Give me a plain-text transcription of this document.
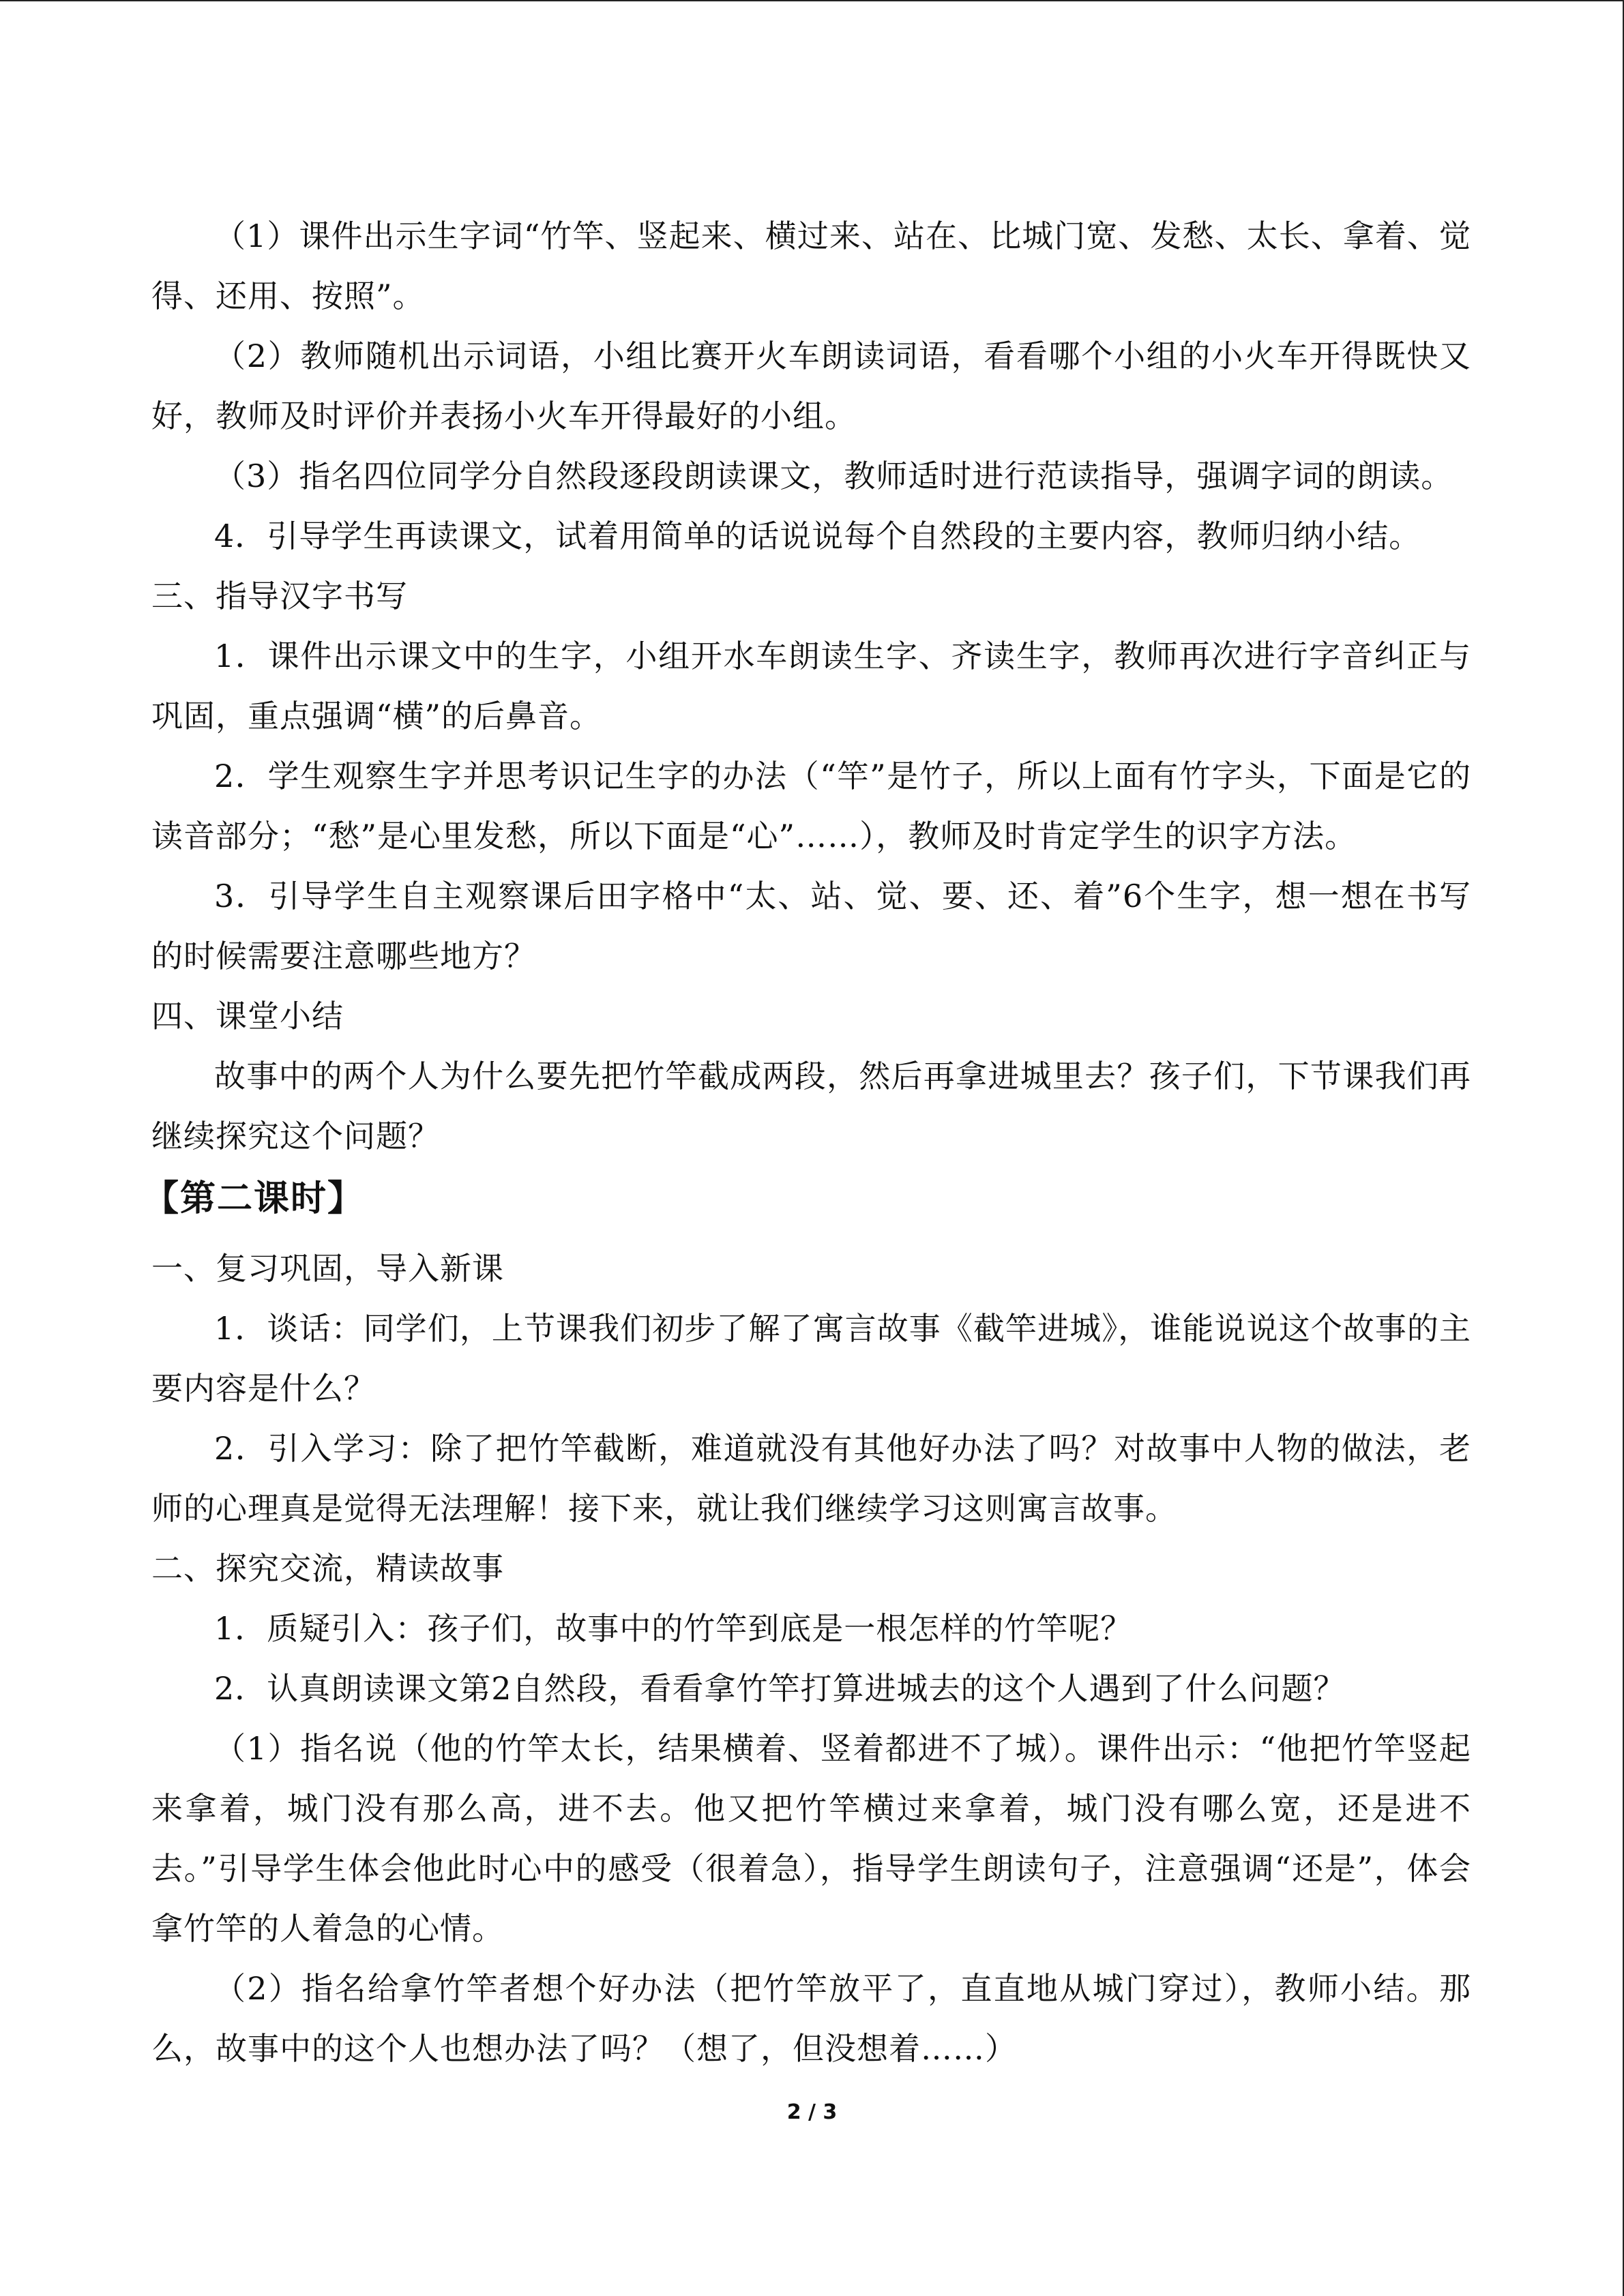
（1）课件出示生字词“竹竿、竖起来、横过来、站在、比城门宽、发愁、太长、拿着、觉得、还用、按照”。

（2）教师随机出示词语，小组比赛开火车朗读词语，看看哪个小组的小火车开得既快又好，教师及时评价并表扬小火车开得最好的小组。

（3）指名四位同学分自然段逐段朗读课文，教师适时进行范读指导，强调字词的朗读。

4．引导学生再读课文，试着用简单的话说说每个自然段的主要内容，教师归纳小结。

三、指导汉字书写

1．课件出示课文中的生字，小组开水车朗读生字、齐读生字，教师再次进行字音纠正与巩固，重点强调“横”的后鼻音。

2．学生观察生字并思考识记生字的办法（“竿”是竹子，所以上面有竹字头，下面是它的读音部分；“愁”是心里发愁，所以下面是“心”……），教师及时肯定学生的识字方法。

3．引导学生自主观察课后田字格中“太、站、觉、要、还、着”6个生字，想一想在书写的时候需要注意哪些地方？

四、课堂小结

故事中的两个人为什么要先把竹竿截成两段，然后再拿进城里去？孩子们，下节课我们再继续探究这个问题？

【第二课时】

一、复习巩固，导入新课

1．谈话：同学们，上节课我们初步了解了寓言故事《截竿进城》，谁能说说这个故事的主要内容是什么？

2．引入学习：除了把竹竿截断，难道就没有其他好办法了吗？对故事中人物的做法，老师的心理真是觉得无法理解！接下来，就让我们继续学习这则寓言故事。

二、探究交流，精读故事

1．质疑引入：孩子们，故事中的竹竿到底是一根怎样的竹竿呢？

2．认真朗读课文第2自然段，看看拿竹竿打算进城去的这个人遇到了什么问题？

（1）指名说（他的竹竿太长，结果横着、竖着都进不了城）。课件出示：“他把竹竿竖起来拿着，城门没有那么高，进不去。他又把竹竿横过来拿着，城门没有哪么宽，还是进不去。”引导学生体会他此时心中的感受（很着急），指导学生朗读句子，注意强调“还是”，体会拿竹竿的人着急的心情。

（2）指名给拿竹竿者想个好办法（把竹竿放平了，直直地从城门穿过），教师小结。那么，故事中的这个人也想办法了吗？（想了，但没想着……）

2 / 3
